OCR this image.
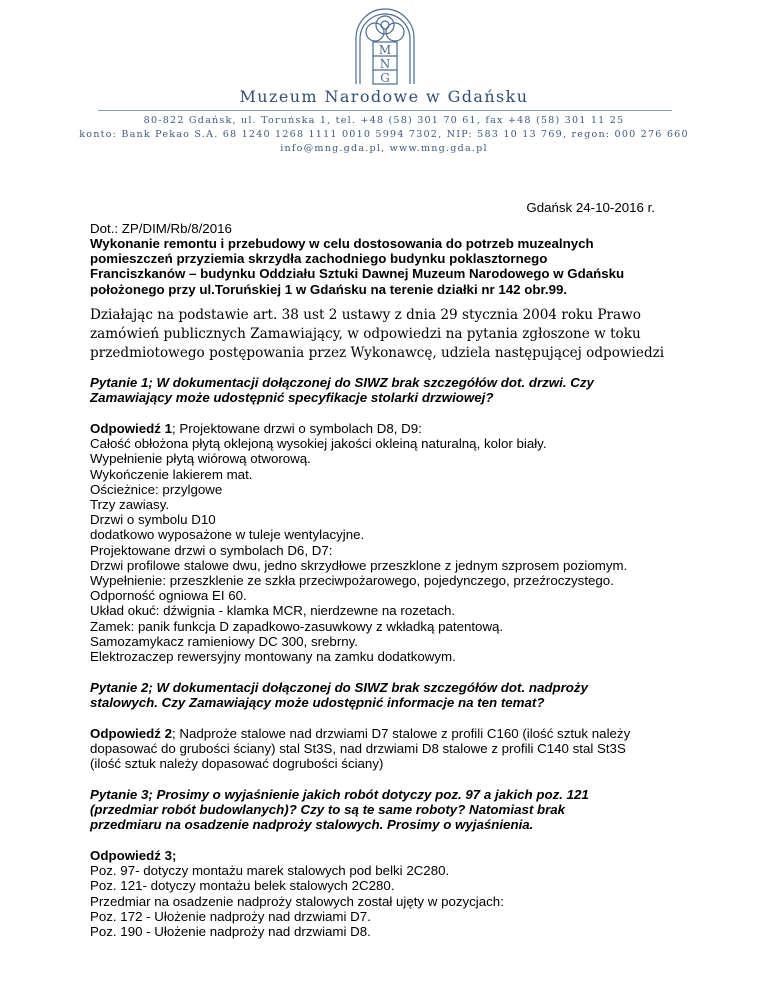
M
N
G
Muzeum Narodowe w Gdańsku
80-822 Gdańsk, ul. Toruńska 1, tel. +48 (58) 301 70 61, fax +48 (58) 301 11 25
konto: Bank Pekao S.A. 68 1240 1268 1111 0010 5994 7302, NIP: 583 10 13 769, regon: 000 276 660
info@mng.gda.pl, www.mng.gda.pl
Gdańsk 24-10-2016 r.
Dot.: ZP/DIM/Rb/8/2016
Wykonanie remontu i przebudowy w celu dostosowania do potrzeb muzealnych
pomieszczeń przyziemia skrzydła zachodniego budynku poklasztornego
Franciszkanów – budynku Oddziału Sztuki Dawnej Muzeum Narodowego w Gdańsku
położonego przy ul.Toruńskiej 1 w Gdańsku na terenie działki nr 142 obr.99.
Działając na podstawie art. 38 ust 2 ustawy z dnia 29 stycznia 2004 roku Prawo
zamówień publicznych Zamawiający, w odpowiedzi na pytania zgłoszone w toku
przedmiotowego postępowania przez Wykonawcę, udziela następującej odpowiedzi
Pytanie 1; W dokumentacji dołączonej do SIWZ brak szczegółów dot. drzwi. Czy
Zamawiający może udostępnić specyfikacje stolarki drzwiowej?
Odpowiedź 1; Projektowane drzwi o symbolach D8, D9:
Całość obłożona płytą oklejoną wysokiej jakości okleiną naturalną, kolor biały.
Wypełnienie płytą wiórową otworową.
Wykończenie lakierem mat.
Ościeżnice: przylgowe
Trzy zawiasy.
Drzwi o symbolu D10
dodatkowo wyposażone w tuleje wentylacyjne.
Projektowane drzwi o symbolach D6, D7:
Drzwi profilowe stalowe dwu, jedno skrzydłowe przeszklone z jednym szprosem poziomym.
Wypełnienie: przeszklenie ze szkła przeciwpożarowego, pojedynczego, przeźroczystego.
Odporność ogniowa EI 60.
Układ okuć: dźwignia - klamka MCR, nierdzewne na rozetach.
Zamek: panik funkcja D zapadkowo-zasuwkowy z wkładką patentową.
Samozamykacz ramieniowy DC 300, srebrny.
Elektrozaczep rewersyjny montowany na zamku dodatkowym.
Pytanie 2; W dokumentacji dołączonej do SIWZ brak szczegółów dot. nadproży
stalowych. Czy Zamawiający może udostępnić informacje na ten temat?
Odpowiedź 2; Nadproże stalowe nad drzwiami D7 stalowe z profili C160 (ilość sztuk należy
dopasować do grubości ściany) stal St3S, nad drzwiami D8 stalowe z profili C140 stal St3S
(ilość sztuk należy dopasować dogrubości ściany)
Pytanie 3; Prosimy o wyjaśnienie jakich robót dotyczy poz. 97 a jakich poz. 121
(przedmiar robót budowlanych)? Czy to są te same roboty? Natomiast brak
przedmiaru na osadzenie nadproży stalowych. Prosimy o wyjaśnienia.
Odpowiedź 3;
Poz. 97- dotyczy montażu marek stalowych pod belki 2C280.
Poz. 121- dotyczy montażu belek stalowych 2C280.
Przedmiar na osadzenie nadproży stalowych został ujęty w pozycjach:
Poz. 172 - Ułożenie nadproży nad drzwiami D7.
Poz. 190 - Ułożenie nadproży nad drzwiami D8.
